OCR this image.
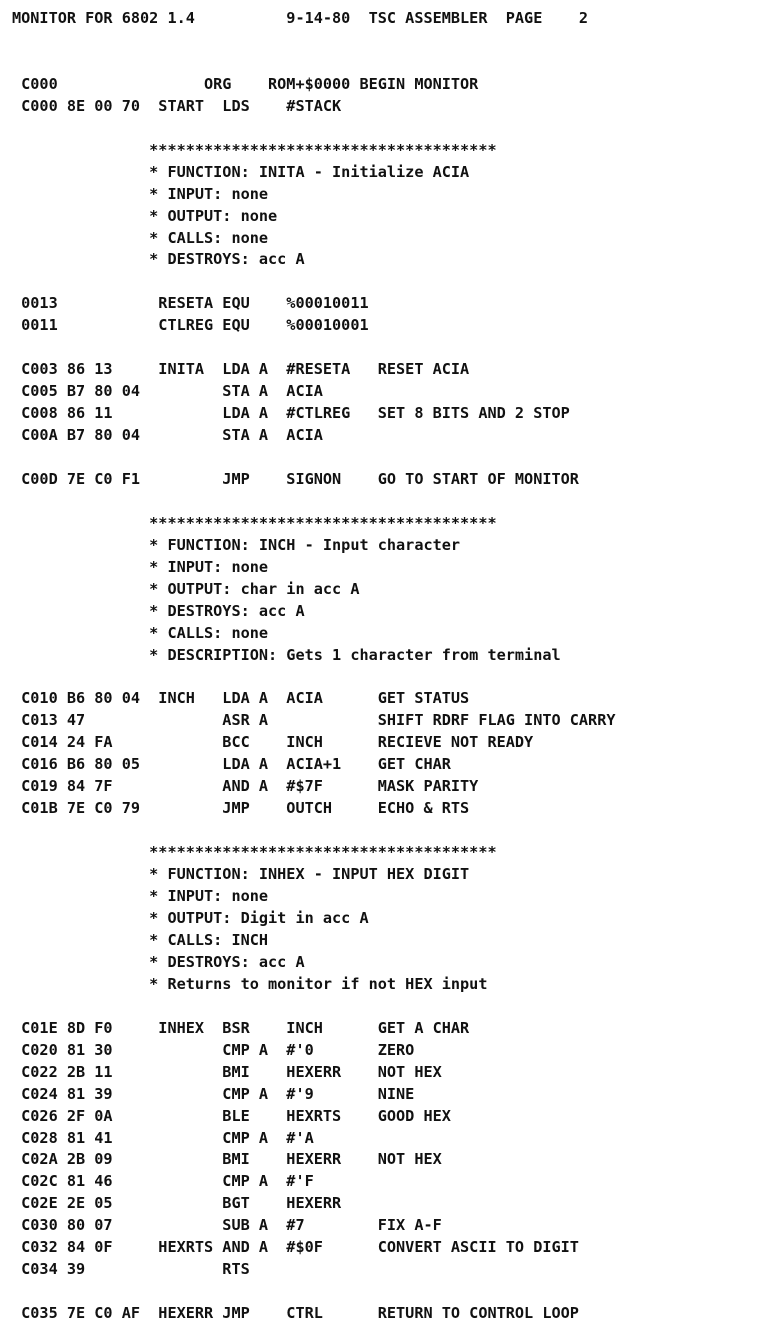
MONITOR FOR 6802 1.4          9-14-80  TSC ASSEMBLER  PAGE    2

C000                ORG    ROM+$0000 BEGIN MONITOR

C000 8E 00 70  START  LDS    #STACK

**************************************

* FUNCTION: INITA - Initialize ACIA

* INPUT: none

* OUTPUT: none

* CALLS: none

* DESTROYS: acc A

0013           RESETA EQU    %00010011

0011           CTLREG EQU    %00010001

C003 86 13     INITA  LDA A  #RESETA   RESET ACIA

C005 B7 80 04         STA A  ACIA

C008 86 11            LDA A  #CTLREG   SET 8 BITS AND 2 STOP

C00A B7 80 04         STA A  ACIA

C00D 7E C0 F1         JMP    SIGNON    GO TO START OF MONITOR

**************************************

* FUNCTION: INCH - Input character

* INPUT: none

* OUTPUT: char in acc A

* DESTROYS: acc A

* CALLS: none

* DESCRIPTION: Gets 1 character from terminal

C010 B6 80 04  INCH   LDA A  ACIA      GET STATUS

C013 47               ASR A            SHIFT RDRF FLAG INTO CARRY

C014 24 FA            BCC    INCH      RECIEVE NOT READY

C016 B6 80 05         LDA A  ACIA+1    GET CHAR

C019 84 7F            AND A  #$7F      MASK PARITY

C01B 7E C0 79         JMP    OUTCH     ECHO & RTS

**************************************

* FUNCTION: INHEX - INPUT HEX DIGIT

* INPUT: none

* OUTPUT: Digit in acc A

* CALLS: INCH

* DESTROYS: acc A

* Returns to monitor if not HEX input

C01E 8D F0     INHEX  BSR    INCH      GET A CHAR

C020 81 30            CMP A  #'0       ZERO

C022 2B 11            BMI    HEXERR    NOT HEX

C024 81 39            CMP A  #'9       NINE

C026 2F 0A            BLE    HEXRTS    GOOD HEX

C028 81 41            CMP A  #'A

C02A 2B 09            BMI    HEXERR    NOT HEX

C02C 81 46            CMP A  #'F

C02E 2E 05            BGT    HEXERR

C030 80 07            SUB A  #7        FIX A-F

C032 84 0F     HEXRTS AND A  #$0F      CONVERT ASCII TO DIGIT

C034 39               RTS

C035 7E C0 AF  HEXERR JMP    CTRL      RETURN TO CONTROL LOOP
